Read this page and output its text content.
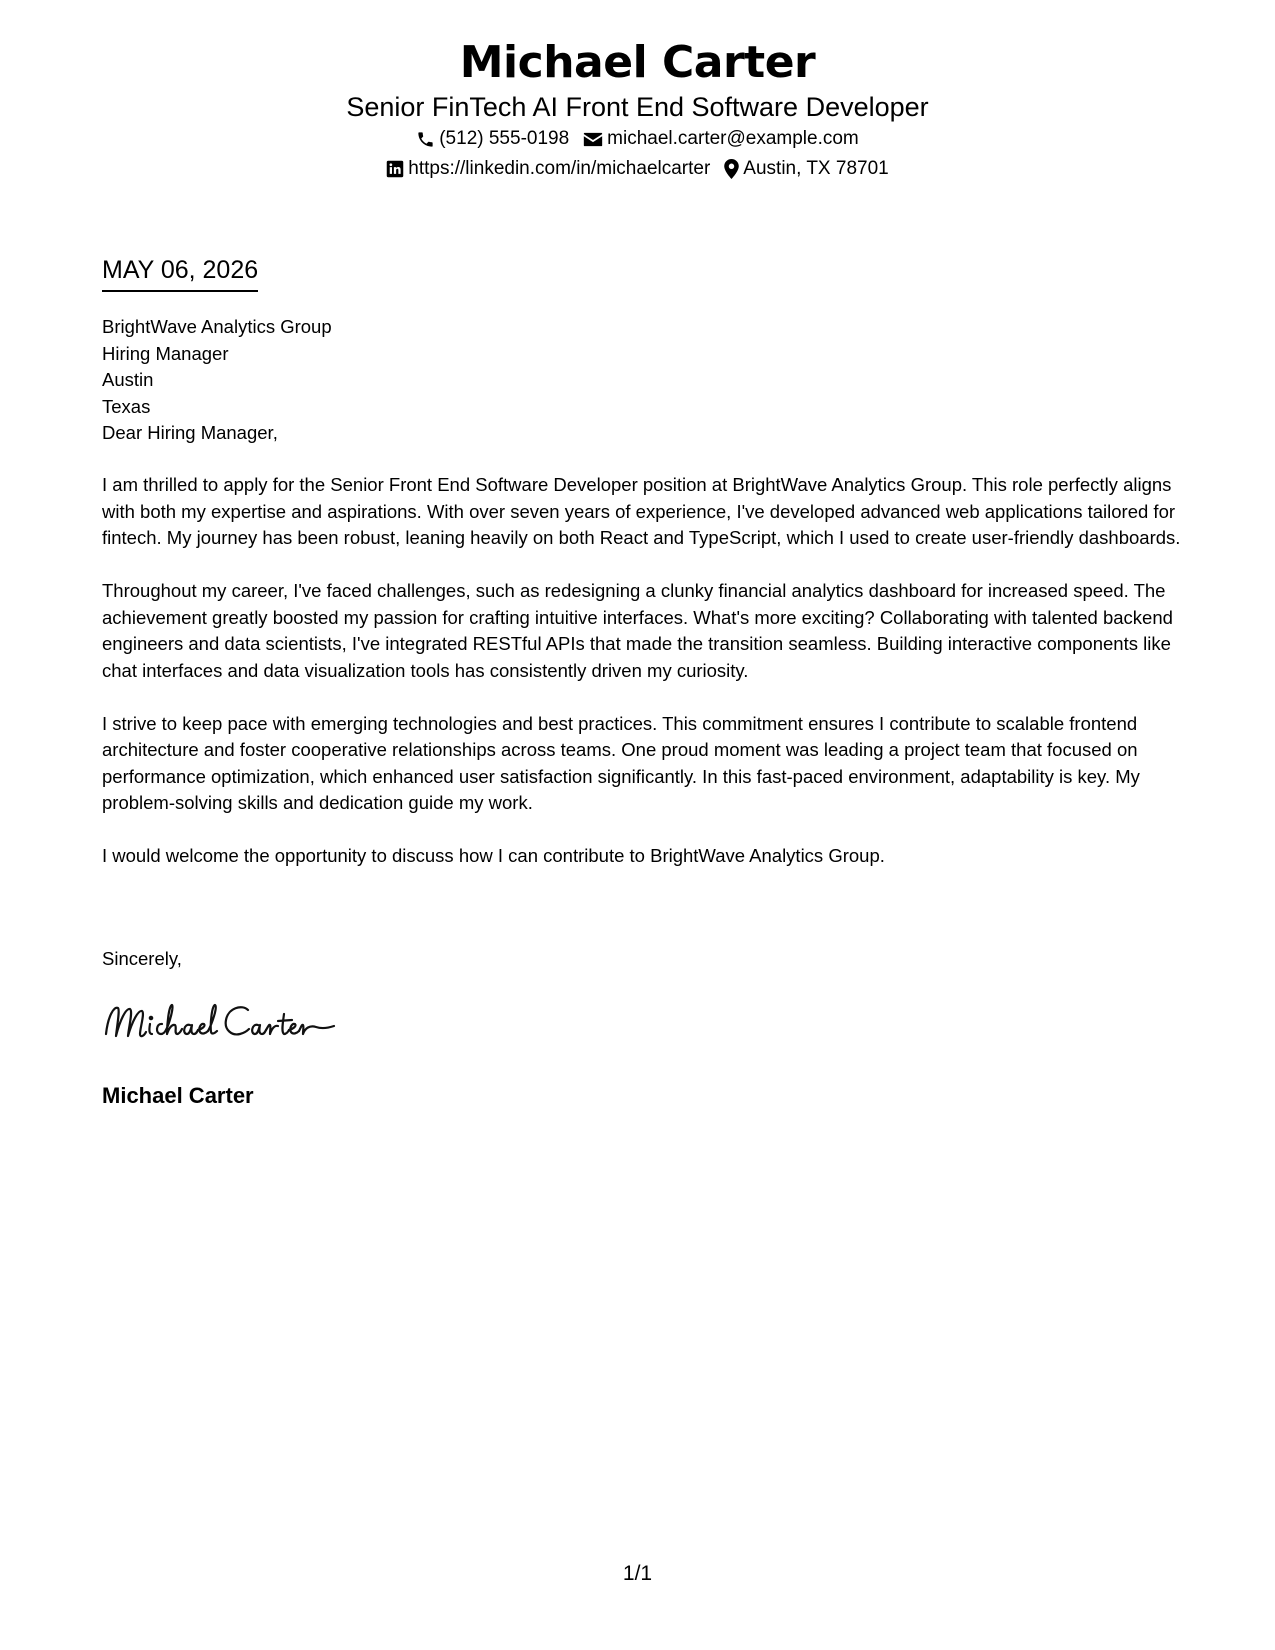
Michael Carter
Senior FinTech AI Front End Software Developer
(512) 555-0198 michael.carter@example.com
https://linkedin.com/in/michaelcarter Austin, TX 78701
MAY 06, 2026
BrightWave Analytics Group
Hiring Manager
Austin
Texas
Dear Hiring Manager,

I am thrilled to apply for the Senior Front End Software Developer position at BrightWave Analytics Group. This role perfectly aligns with both my expertise and aspirations. With over seven years of experience, I've developed advanced web applications tailored for fintech. My journey has been robust, leaning heavily on both React and TypeScript, which I used to create user-friendly dashboards.

Throughout my career, I've faced challenges, such as redesigning a clunky financial analytics dashboard for increased speed. The achievement greatly boosted my passion for crafting intuitive interfaces. What's more exciting? Collaborating with talented backend engineers and data scientists, I've integrated RESTful APIs that made the transition seamless. Building interactive components like chat interfaces and data visualization tools has consistently driven my curiosity.

I strive to keep pace with emerging technologies and best practices. This commitment ensures I contribute to scalable frontend architecture and foster cooperative relationships across teams. One proud moment was leading a project team that focused on performance optimization, which enhanced user satisfaction significantly. In this fast-paced environment, adaptability is key. My problem-solving skills and dedication guide my work.

I would welcome the opportunity to discuss how I can contribute to BrightWave Analytics Group.

Sincerely,
Michael Carter
1/1
